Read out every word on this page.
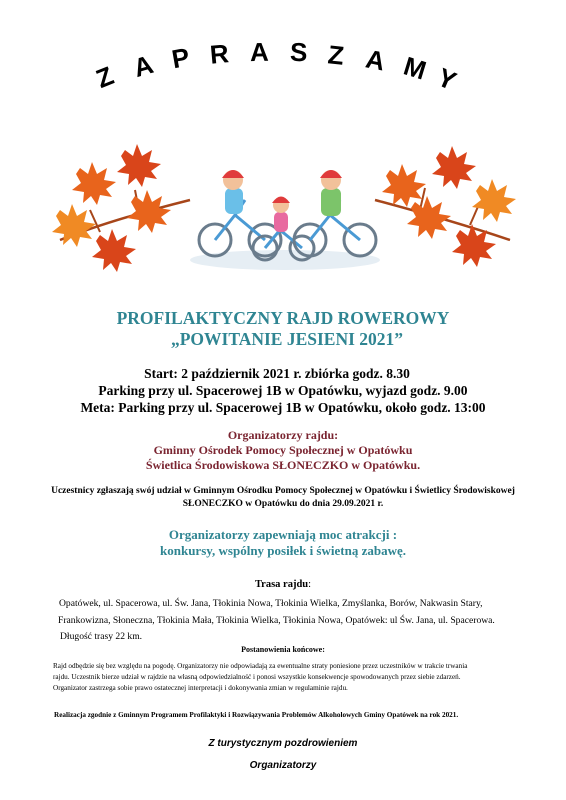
Z A P R A S Z A M Y

PROFILAKTYCZNY RAJD ROWEROWY

„POWITANIE JESIENI 2021”

Start: 2 październik 2021 r. zbiórka godz. 8.30

Parking przy ul. Spacerowej 1B w Opatówku, wyjazd godz. 9.00

Meta: Parking przy ul. Spacerowej 1B w Opatówku, około godz. 13:00

Organizatorzy rajdu:

Gminny Ośrodek Pomocy Społecznej w Opatówku

Świetlica Środowiskowa SŁONECZKO w Opatówku.

Uczestnicy zgłaszają swój udział w Gminnym Ośrodku Pomocy Społecznej w Opatówku i Świetlicy Środowiskowej

SŁONECZKO w Opatówku do dnia 29.09.2021 r.

Organizatorzy zapewniają moc atrakcji :

konkursy, wspólny posiłek i świetną zabawę.

Trasa rajdu:

Opatówek, ul. Spacerowa, ul. Św. Jana, Tłokinia Nowa, Tłokinia Wielka, Zmyślanka, Borów, Nakwasin Stary,

Frankowizna, Słoneczna, Tłokinia Mała, Tłokinia Wielka, Tłokinia Nowa, Opatówek: ul Św. Jana, ul. Spacerowa.

Długość trasy 22 km.

Postanowienia końcowe:

Rajd odbędzie się bez względu na pogodę. Organizatorzy nie odpowiadają za ewentualne straty poniesione przez uczestników w trakcie trwania

rajdu. Uczestnik bierze udział w rajdzie na własną odpowiedzialność i ponosi wszystkie konsekwencje spowodowanych przez siebie zdarzeń.

Organizator zastrzega sobie prawo ostatecznej interpretacji i dokonywania zmian w regulaminie rajdu.

Realizacja zgodnie z Gminnym Programem Profilaktyki i Rozwiązywania Problemów Alkoholowych Gminy Opatówek na rok 2021.

Z turystycznym pozdrowieniem

Organizatorzy
